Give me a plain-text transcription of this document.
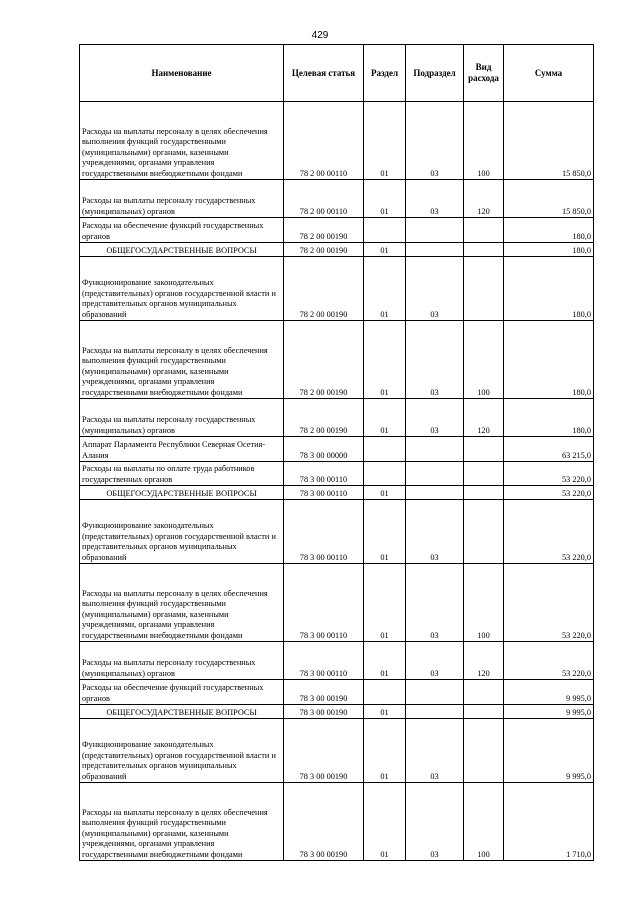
429
Наименование	Целевая статья	Раздел	Подраздел	Вид расхода	Сумма
Расходы на выплаты персоналу в целях обеспечения выполнения функций государственными (муниципальными) органами, казенными учреждениями, органами управления государственными внебюджетными фондами	78 2 00 00110	01	03	100	15 850,0
Расходы на выплаты персоналу государственных (муниципальных) органов	78 2 00 00110	01	03	120	15 850,0
Расходы на обеспечение функций государственных органов	78 2 00 00190				180,0
ОБЩЕГОСУДАРСТВЕННЫЕ ВОПРОСЫ	78 2 00 00190	01			180,0
Функционирование законодательных (представительных) органов государственной власти и представительных органов муниципальных образований	78 2 00 00190	01	03		180,0
Расходы на выплаты персоналу в целях обеспечения выполнения функций государственными (муниципальными) органами, казенными учреждениями, органами управления государственными внебюджетными фондами	78 2 00 00190	01	03	100	180,0
Расходы на выплаты персоналу государственных (муниципальных) органов	78 2 00 00190	01	03	120	180,0
Аппарат Парламента Республики Северная Осетия-Алания	78 3 00 00000				63 215,0
Расходы на выплаты по оплате труда работников государственных органов	78 3 00 00110				53 220,0
ОБЩЕГОСУДАРСТВЕННЫЕ ВОПРОСЫ	78 3 00 00110	01			53 220,0
Функционирование законодательных (представительных) органов государственной власти и представительных органов муниципальных образований	78 3 00 00110	01	03		53 220,0
Расходы на выплаты персоналу в целях обеспечения выполнения функций государственными (муниципальными) органами, казенными учреждениями, органами управления государственными внебюджетными фондами	78 3 00 00110	01	03	100	53 220,0
Расходы на выплаты персоналу государственных (муниципальных) органов	78 3 00 00110	01	03	120	53 220,0
Расходы на обеспечение функций государственных органов	78 3 00 00190				9 995,0
ОБЩЕГОСУДАРСТВЕННЫЕ ВОПРОСЫ	78 3 00 00190	01			9 995,0
Функционирование законодательных (представительных) органов государственной власти и представительных органов муниципальных образований	78 3 00 00190	01	03		9 995,0
Расходы на выплаты персоналу в целях обеспечения выполнения функций государственными (муниципальными) органами, казенными учреждениями, органами управления государственными внебюджетными фондами	78 3 00 00190	01	03	100	1 710,0
